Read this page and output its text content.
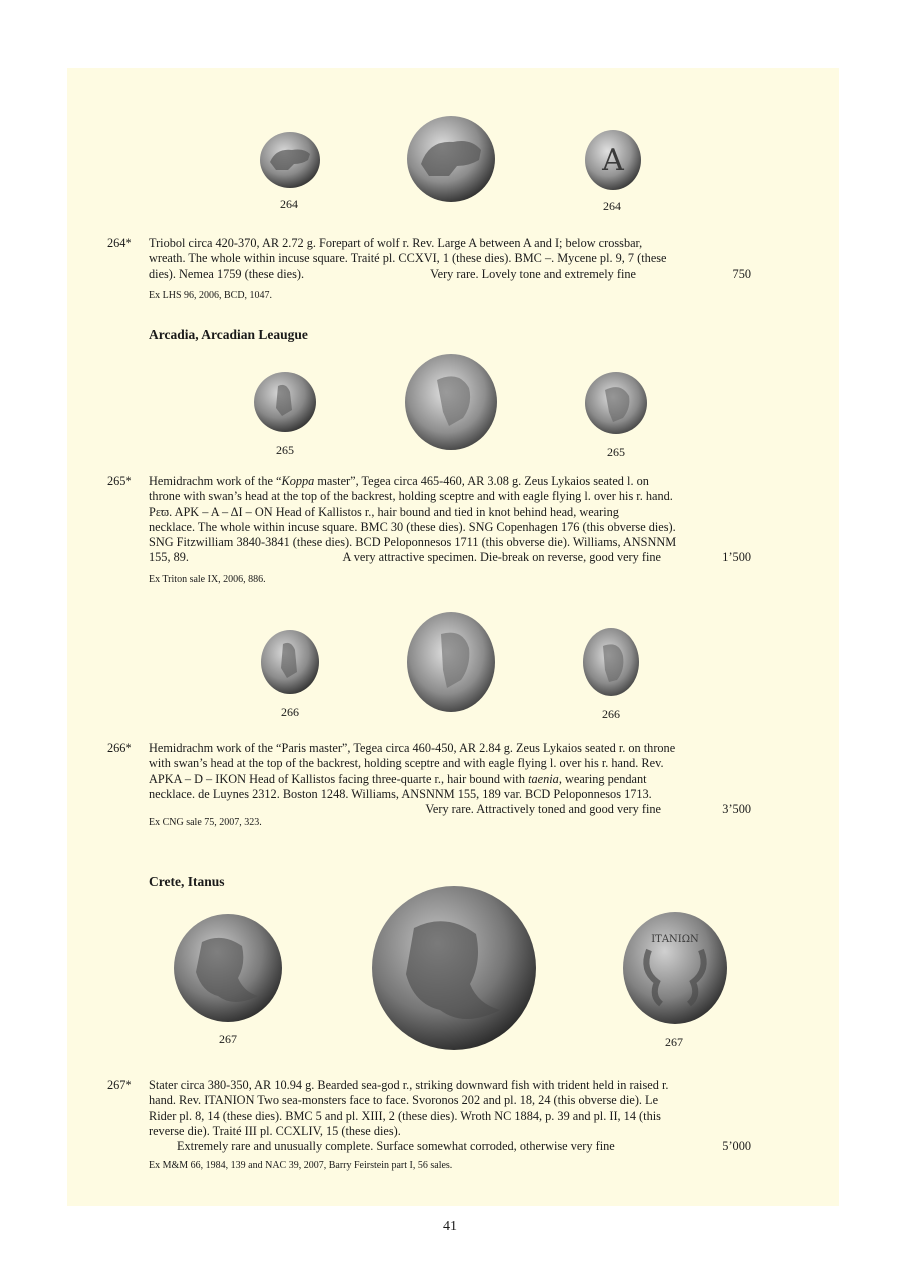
A
264	264
264* Triobol circa 420-370, AR 2.72 g. Forepart of wolf r. Rev. Large A between A and I; below crossbar,

wreath. The whole within incuse square. Traité pl. CCXVI, 1 (these dies). BMC –. Mycene pl. 9, 7 (these

dies). Nemea 1759 (these dies).	Very rare. Lovely tone and extremely fine	750

Ex LHS 96, 2006, BCD, 1047.
Arcadia, Arcadian Leaugue
265	265
265* Hemidrachm work of the “Koppa master”, Tegea circa 465-460, AR 3.08 g. Zeus Lykaios seated l. on

throne with swan’s head at the top of the backrest, holding sceptre and with eagle flying l. over his r. hand.

Ρεϖ. ΑΡΚ – Α – ΔΙ – ΟΝ Head of Kallistos r., hair bound and tied in knot behind head, wearing

necklace. The whole within incuse square. BMC 30 (these dies). SNG Copenhagen 176 (this obverse dies).

SNG Fitzwilliam 3840-3841 (these dies). BCD Peloponnesos 1711 (this obverse die). Williams, ANSNNM

155, 89.	A very attractive specimen. Die-break on reverse, good very fine	1’500

Ex Triton sale IX, 2006, 886.
266	266
266* Hemidrachm work of the “Paris master”, Tegea circa 460-450, AR 2.84 g. Zeus Lykaios seated r. on throne

with swan’s head at the top of the backrest, holding sceptre and with eagle flying l. over his r. hand. Rev.

APKA – D – IKON Head of Kallistos facing three-quarte r., hair bound with taenia, wearing pendant

necklace. de Luynes 2312. Boston 1248. Williams, ANSNNM 155, 189 var. BCD Peloponnesos 1713.

Very rare. Attractively toned and good very fine	3’500

Ex CNG sale 75, 2007, 323.
Crete, Itanus
ΙΤΑΝΙΩΝ
267	267
267* Stater circa 380-350, AR 10.94 g. Bearded sea-god r., striking downward fish with trident held in raised r.

hand. Rev. ITANION Two sea-monsters face to face. Svoronos 202 and pl. 18, 24 (this obverse die). Le

Rider pl. 8, 14 (these dies). BMC 5 and pl. XIII, 2 (these dies). Wroth NC 1884, p. 39 and pl. II, 14 (this

reverse die). Traité III pl. CCXLIV, 15 (these dies).

Extremely rare and unusually complete. Surface somewhat corroded, otherwise very fine	5’000

Ex M&M 66, 1984, 139 and NAC 39, 2007, Barry Feirstein part I, 56 sales.
41
